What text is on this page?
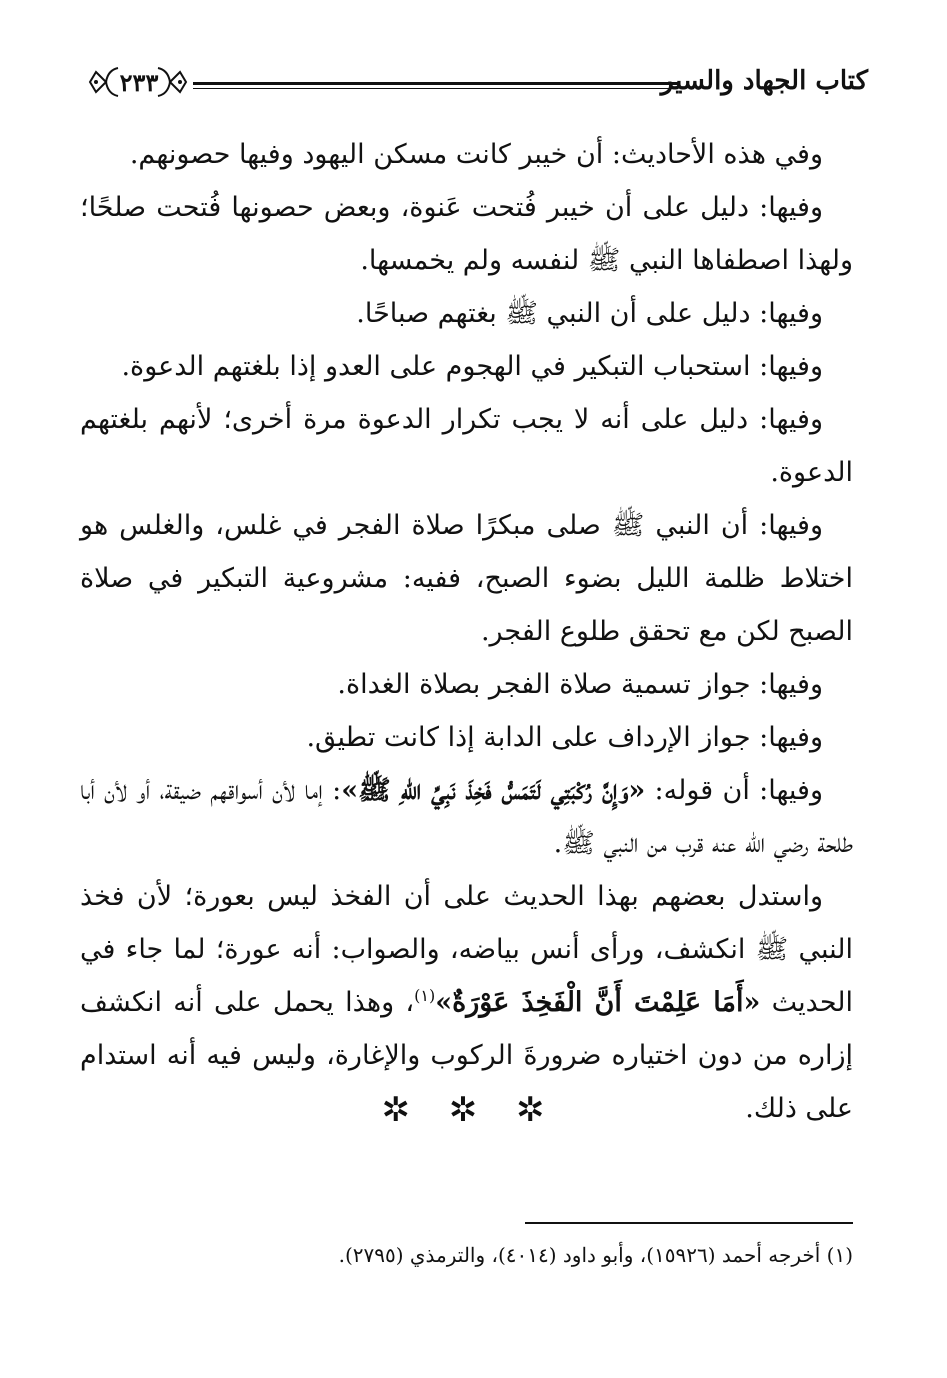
كتاب الجهاد والسير
٢٣٣

وفي هذه الأحاديث: أن خيبر كانت مسكن اليهود وفيها حصونهم.

وفيها: دليل على أن خيبر فُتحت عَنوة، وبعض حصونها فُتحت صلحًا؛ ولهذا اصطفاها النبي ﷺ لنفسه ولم يخمسها.

وفيها: دليل على أن النبي ﷺ بغتهم صباحًا.

وفيها: استحباب التبكير في الهجوم على العدو إذا بلغتهم الدعوة.

وفيها: دليل على أنه لا يجب تكرار الدعوة مرة أخرى؛ لأنهم بلغتهم الدعوة.

وفيها: أن النبي ﷺ صلى مبكرًا صلاة الفجر في غلس، والغلس هو اختلاط ظلمة الليل بضوء الصبح، ففيه: مشروعية التبكير في صلاة الصبح لكن مع تحقق طلوع الفجر.

وفيها: جواز تسمية صلاة الفجر بصلاة الغداة.

وفيها: جواز الإرداف على الدابة إذا كانت تطيق.

وفيها: أن قوله: «وَإِنَّ رُكْبَتِي لَتَمَسُّ فَخِذَ نَبِيِّ اللهِ ﷺ»: إما لأن أسواقهم ضيقة، أو لأن أبا طلحة رضي الله عنه قرب من النبي ﷺ.

واستدل بعضهم بهذا الحديث على أن الفخذ ليس بعورة؛ لأن فخذ النبي ﷺ انكشف، ورأى أنس بياضه، والصواب: أنه عورة؛ لما جاء في الحديث «أَمَا عَلِمْتَ أَنَّ الْفَخِذَ عَوْرَةٌ»$^{(١)}$، وهذا يحمل على أنه انكشف إزاره من دون اختياره ضرورةَ الركوب والإغارة، وليس فيه أنه استدام على ذلك.

✲ ✲ ✲
(١) أخرجه أحمد (١٥٩٢٦)، وأبو داود (٤٠١٤)، والترمذي (٢٧٩٥).
